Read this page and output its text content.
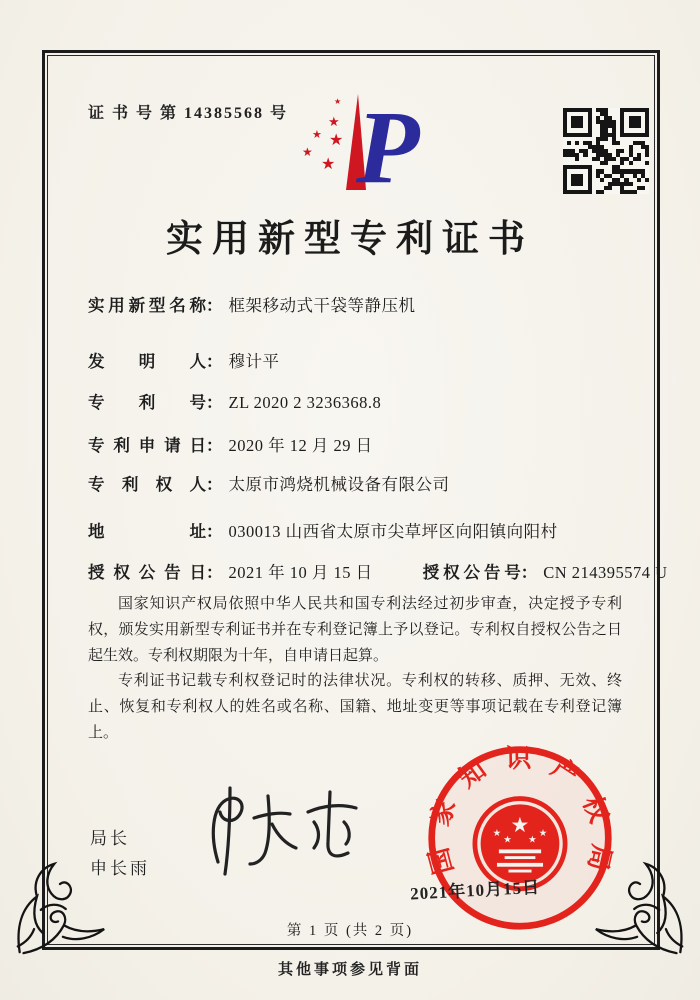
证 书 号 第 14385568 号	★
★ ★
★
★
★ P
实用新型专利证书
实用新型名称： 框架移动式干袋等静压机
发明人： 穆计平
专利号： ZL 2020 2 3236368.8
专利申请日： 2020 年 12 月 29 日
专利权人： 太原市鸿烧机械设备有限公司
地址： 030013 山西省太原市尖草坪区向阳镇向阳村
授权公告日： 2021 年 10 月 15 日	授权公告号： CN 214395574 U

国家知识产权局依照中华人民共和国专利法经过初步审查，决定授予专利权，颁发实用新型专利证书并在专利登记簿上予以登记。专利权自授权公告之日起生效。专利权期限为十年，自申请日起算。

专利证书记载专利权登记时的法律状况。专利权的转移、质押、无效、终止、恢复和专利权人的姓名或名称、国籍、地址变更等事项记载在专利登记簿上。

局长
申长雨	国家知识产权局
★
★
★ ★
★
2021年10月15日
第 1 页 (共 2 页)
其他事项参见背面
